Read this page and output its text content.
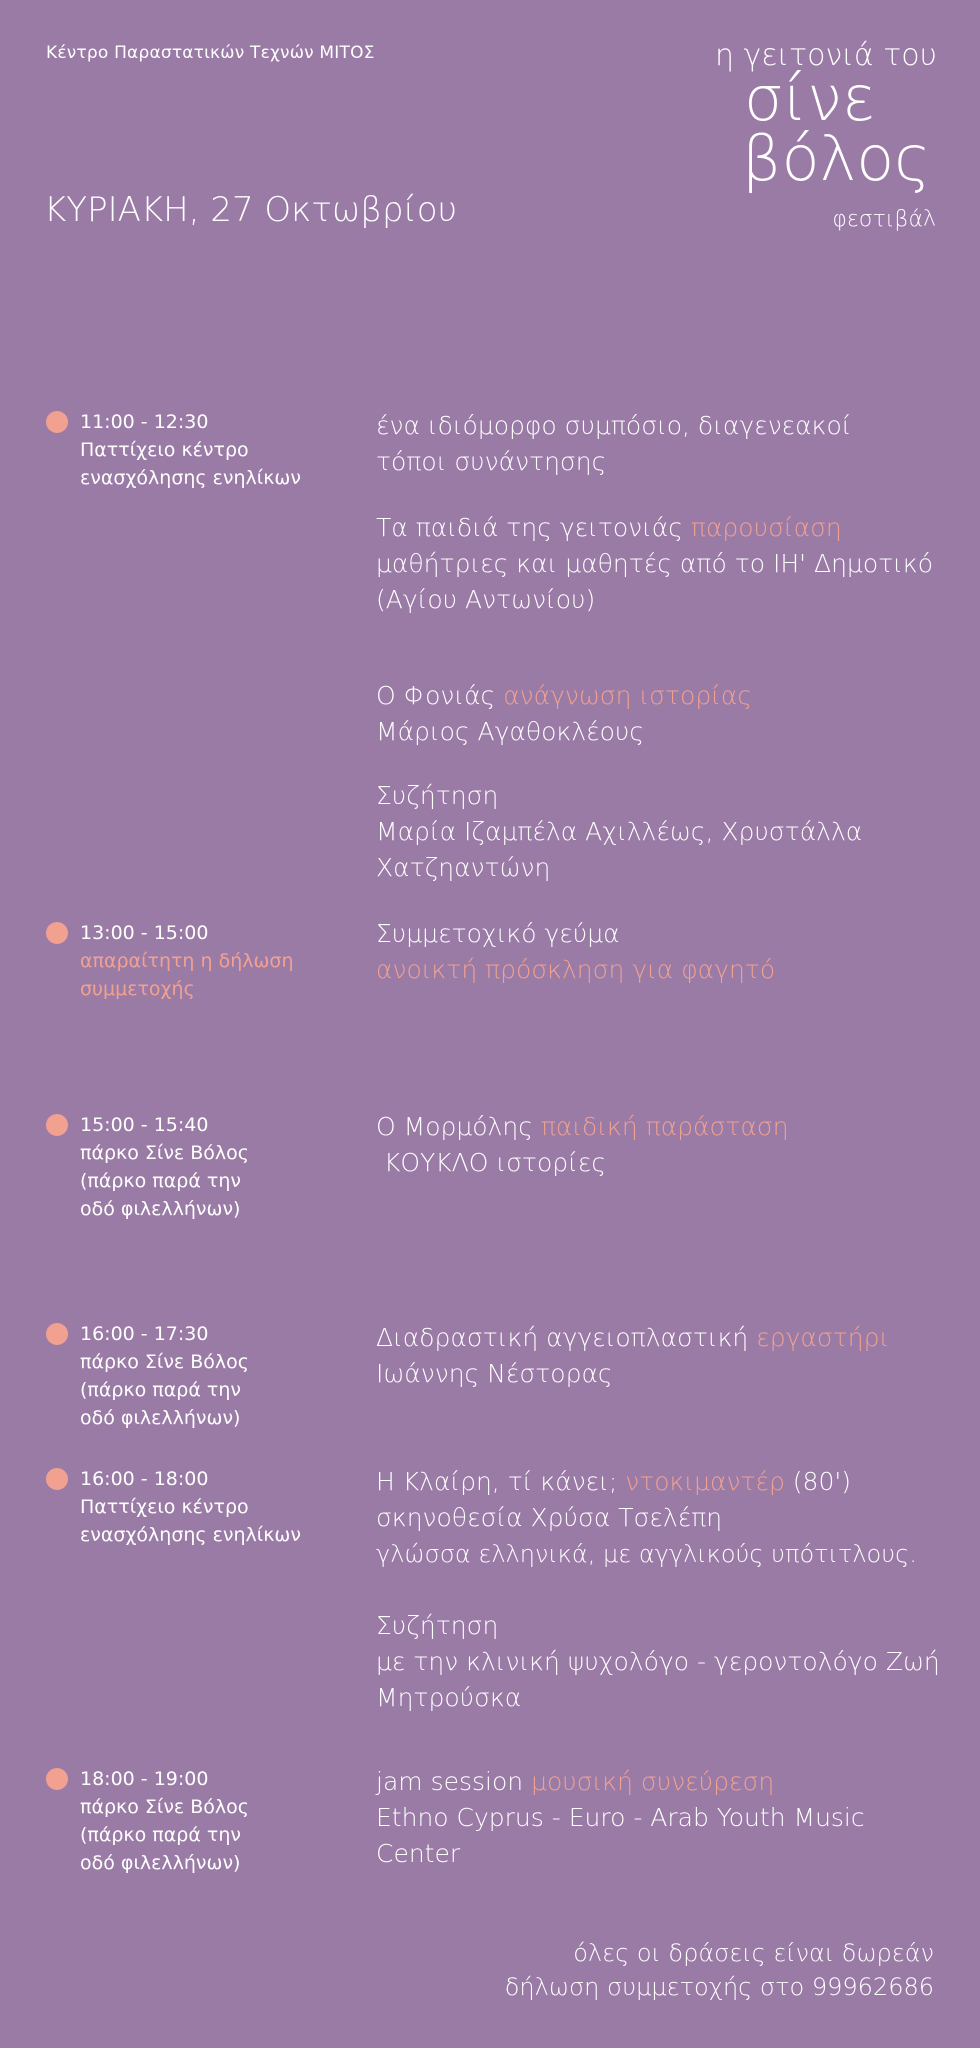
Κέντρο Παραστατικών Τεχνών ΜΙΤΟΣ
ΚΥΡΙΑΚΗ, 27 Οκτωβρίου
η γειτονιά του
σίνε
βόλος
φεστιβάλ
11:00 - 12:30
Παττίχειο κέντρο
ενασχόλησης ενηλίκων

ένα ιδιόμορφο συμπόσιο, διαγενεακοί

τόποι συνάντησης

Τα παιδιά της γειτονιάς παρουσίαση

μαθήτριες και μαθητές από το ΙΗ' Δημοτικό

(Αγίου Αντωνίου)

Ο Φονιάς ανάγνωση ιστορίας

Μάριος Αγαθοκλέους

Συζήτηση

Μαρία Ιζαμπέλα Αχιλλέως, Χρυστάλλα

Χατζηαντώνη

13:00 - 15:00
απαραίτητη η δήλωση
συμμετοχής

Συμμετοχικό γεύμα

ανοικτή πρόσκληση για φαγητό

15:00 - 15:40
πάρκο Σίνε Βόλος
(πάρκο παρά την
οδό φιλελλήνων)

Ο Μορμόλης παιδική παράσταση

ΚΟΥΚΛΟ ιστορίες

16:00 - 17:30
πάρκο Σίνε Βόλος
(πάρκο παρά την
οδό φιλελλήνων)

Διαδραστική αγγειοπλαστική εργαστήρι

Ιωάννης Νέστορας

16:00 - 18:00
Παττίχειο κέντρο
ενασχόλησης ενηλίκων

Η Κλαίρη, τί κάνει; ντοκιμαντέρ (80')

σκηνοθεσία Χρύσα Τσελέπη

γλώσσα ελληνικά, με αγγλικούς υπότιτλους.

Συζήτηση

με την κλινική ψυχολόγο - γεροντολόγο Ζωή

Μητρούσκα

18:00 - 19:00
πάρκο Σίνε Βόλος
(πάρκο παρά την
οδό φιλελλήνων)

jam session μουσική συνεύρεση

Ethno Cyprus - Euro - Arab Youth Music

Center

όλες οι δράσεις είναι δωρεάν
δήλωση συμμετοχής στο 99962686
